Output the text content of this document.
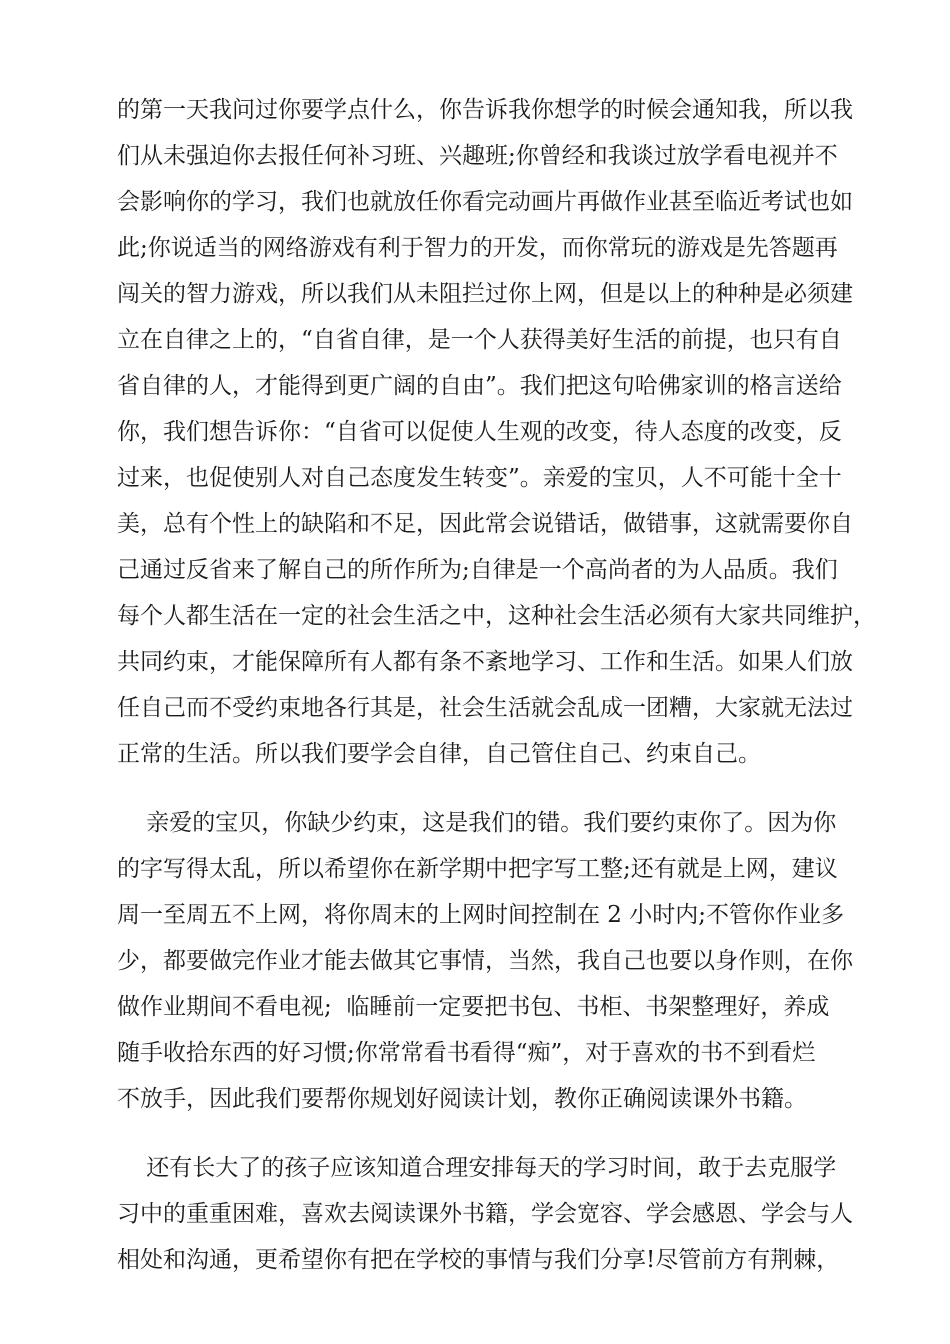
的第一天我问过你要学点什么，你告诉我你想学的时候会通知我，所以我
们从未强迫你去报任何补习班、兴趣班;你曾经和我谈过放学看电视并不
会影响你的学习，我们也就放任你看完动画片再做作业甚至临近考试也如
此;你说适当的网络游戏有利于智力的开发，而你常玩的游戏是先答题再
闯关的智力游戏，所以我们从未阻拦过你上网，但是以上的种种是必须建
立在自律之上的，“自省自律，是一个人获得美好生活的前提，也只有自
省自律的人，才能得到更广阔的自由”。我们把这句哈佛家训的格言送给
你，我们想告诉你：“自省可以促使人生观的改变，待人态度的改变，反
过来，也促使别人对自己态度发生转变”。亲爱的宝贝，人不可能十全十
美，总有个性上的缺陷和不足，因此常会说错话，做错事，这就需要你自
己通过反省来了解自己的所作所为;自律是一个高尚者的为人品质。我们
每个人都生活在一定的社会生活之中，这种社会生活必须有大家共同维护，
共同约束，才能保障所有人都有条不紊地学习、工作和生活。如果人们放
任自己而不受约束地各行其是，社会生活就会乱成一团糟，大家就无法过
正常的生活。所以我们要学会自律，自己管住自己、约束自己。
亲爱的宝贝，你缺少约束，这是我们的错。我们要约束你了。因为你
的字写得太乱，所以希望你在新学期中把字写工整;还有就是上网，建议
周一至周五不上网，将你周末的上网时间控制在 2 小时内;不管你作业多
少，都要做完作业才能去做其它事情，当然，我自己也要以身作则，在你
做作业期间不看电视;  临睡前一定要把书包、书柜、书架整理好，养成
随手收拾东西的好习惯;你常常看书看得“痴”，对于喜欢的书不到看烂
不放手，因此我们要帮你规划好阅读计划，教你正确阅读课外书籍。
还有长大了的孩子应该知道合理安排每天的学习时间，敢于去克服学
习中的重重困难，喜欢去阅读课外书籍，学会宽容、学会感恩、学会与人
相处和沟通，更希望你有把在学校的事情与我们分享!尽管前方有荆棘，
